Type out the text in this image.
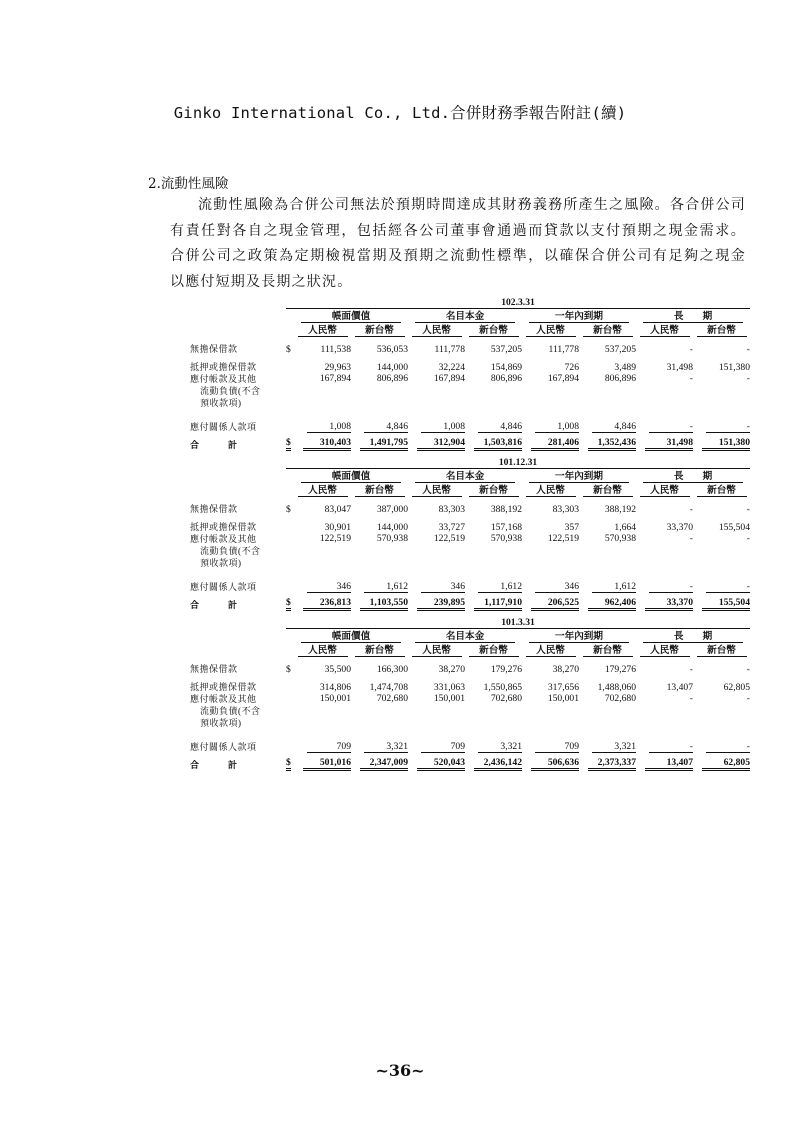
Ginko International Co., Ltd.合併財務季報告附註(續)
2.流動性風險
流動性風險為合併公司無法於預期時間達成其財務義務所產生之風險。各合併公司有責任對各自之現金管理，包括經各公司董事會通過而貸款以支付預期之現金需求。合併公司之政策為定期檢視當期及預期之流動性標準，以確保合併公司有足夠之現金以應付短期及長期之狀況。
	102.3.31								
		帳面價值		名目本金		一年內到期		長　　期	
		人民幣	新台幣	人民幣	新台幣	人民幣	新台幣	人民幣	新台幣
無擔保借款	$	111,538	536,053	111,778	537,205	111,778	537,205	-	-
抵押或擔保借款		29,963	144,000	32,224	154,869	726	3,489	31,498	151,380

應付帳款及其他
流動負債(不含
預收款項)		167,894	806,896	167,894	806,896	167,894	806,896	-	-
應付關係人款項		1,008	4,846	1,008	4,846	1,008	4,846	-	-
合　計	$	310,403	1,491,795	312,904	1,503,816	281,406	1,352,436	31,498	151,380
	101.12.31								
		帳面價值		名目本金		一年內到期		長　　期	
		人民幣	新台幣	人民幣	新台幣	人民幣	新台幣	人民幣	新台幣
無擔保借款	$	83,047	387,000	83,303	388,192	83,303	388,192	-	-
抵押或擔保借款		30,901	144,000	33,727	157,168	357	1,664	33,370	155,504

應付帳款及其他
流動負債(不含
預收款項)		122,519	570,938	122,519	570,938	122,519	570,938	-	-
應付關係人款項		346	1,612	346	1,612	346	1,612	-	-
合　計	$	236,813	1,103,550	239,895	1,117,910	206,525	962,406	33,370	155,504
	101.3.31								
		帳面價值		名目本金		一年內到期		長　　期	
		人民幣	新台幣	人民幣	新台幣	人民幣	新台幣	人民幣	新台幣
無擔保借款	$	35,500	166,300	38,270	179,276	38,270	179,276	-	-
抵押或擔保借款		314,806	1,474,708	331,063	1,550,865	317,656	1,488,060	13,407	62,805

應付帳款及其他
流動負債(不含
預收款項)		150,001	702,680	150,001	702,680	150,001	702,680	-	-
應付關係人款項		709	3,321	709	3,321	709	3,321	-	-
合　計	$	501,016	2,347,009	520,043	2,436,142	506,636	2,373,337	13,407	62,805
~36~
